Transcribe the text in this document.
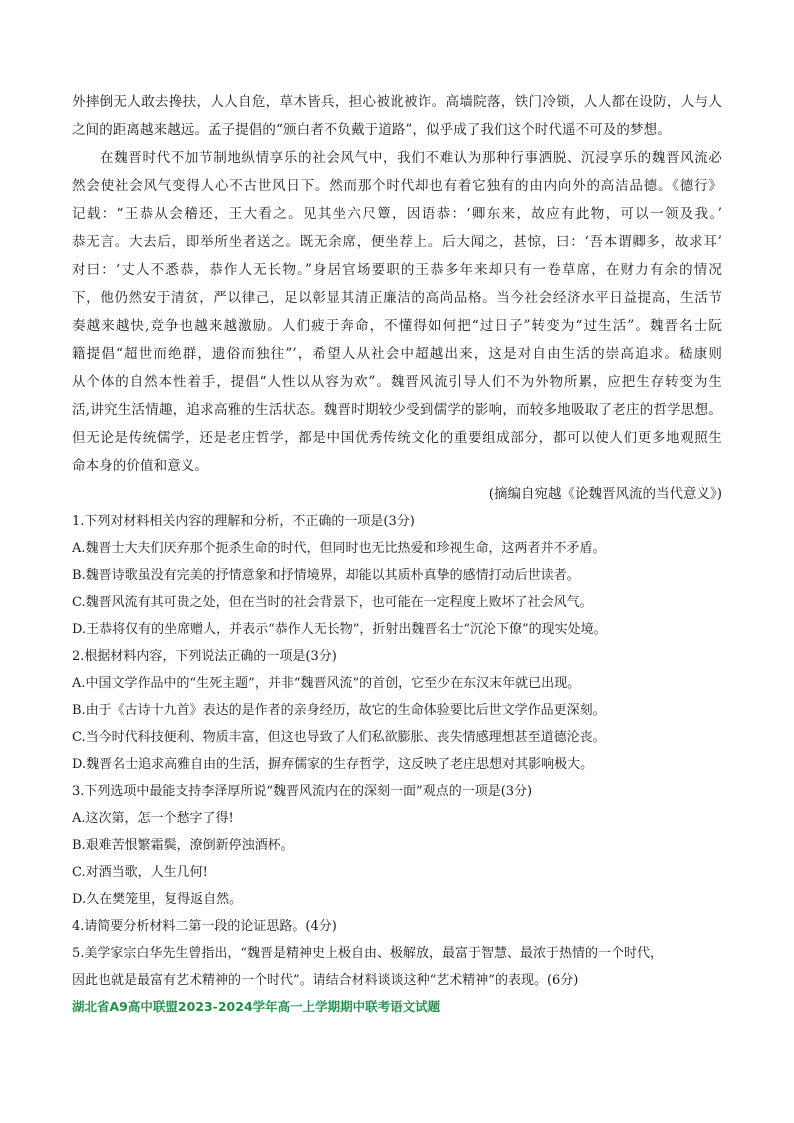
外摔倒无人敢去搀扶，人人自危，草木皆兵，担心被讹被诈。高墙院落，铁门冷锁，人人都在设防，人与人
之间的距离越来越远。孟子提倡的“颁白者不负戴于道路”，似乎成了我们这个时代遥不可及的梦想。
在魏晋时代不加节制地纵情享乐的社会风气中，我们不难认为那种行事洒脱、沉浸享乐的魏晋风流必
然会使社会风气变得人心不古世风日下。然而那个时代却也有着它独有的由内向外的高洁品德。《德行》
记载：“王恭从会稽还，王大看之。见其坐六尺簟，因语恭：‘卿东来，故应有此物，可以一领及我。’
恭无言。大去后，即举所坐者送之。既无余席，便坐荐上。后大闻之，甚惊，曰：‘吾本谓卿多，故求耳’
对曰：‘丈人不悉恭，恭作人无长物。”身居官场要职的王恭多年来却只有一卷草席，在财力有余的情况
下，他仍然安于清贫，严以律己，足以彰显其清正廉洁的高尚品格。当今社会经济水平日益提高，生活节
奏越来越快,竞争也越来越激励。人们疲于奔命，不懂得如何把“过日子”转变为“过生活”。魏晋名士阮
籍提倡“超世而绝群，遗俗而独往”’，希望人从社会中超越出来，这是对自由生活的崇高追求。嵇康则
从个体的自然本性着手，提倡“人性以从容为欢”。魏晋风流引导人们不为外物所累，应把生存转变为生
活,讲究生活情趣，追求高雅的生活状态。魏晋时期较少受到儒学的影响，而较多地吸取了老庄的哲学思想。
但无论是传统儒学，还是老庄哲学，都是中国优秀传统文化的重要组成部分，都可以使人们更多地观照生
命本身的价值和意义。
(摘编自宛越《论魏晋风流的当代意义》)
1.下列对材料相关内容的理解和分析，不正确的一项是(3分)
A.魏晋士大夫们厌弃那个扼杀生命的时代，但同时也无比热爱和珍视生命，这两者并不矛盾。
B.魏晋诗歌虽没有完美的抒情意象和抒情境界，却能以其质朴真挚的感情打动后世读者。
C.魏晋风流有其可贵之处，但在当时的社会背景下，也可能在一定程度上败坏了社会风气。
D.王恭将仅有的坐席赠人，并表示“恭作人无长物”，折射出魏晋名士“沉沦下僚”的现实处境。
2.根据材料内容，下列说法正确的一项是(3分)
A.中国文学作品中的“生死主题”，并非“魏晋风流”的首创，它至少在东汉末年就已出现。
B.由于《古诗十九首》表达的是作者的亲身经历，故它的生命体验要比后世文学作品更深刻。
C.当今时代科技便利、物质丰富，但这也导致了人们私欲膨胀、丧失情感理想甚至道德沦丧。
D.魏晋名士追求高雅自由的生活，摒弃儒家的生存哲学，这反映了老庄思想对其影响极大。
3.下列选项中最能支持李泽厚所说“魏晋风流内在的深刻一面”观点的一项是(3分)
A.这次第，怎一个愁字了得!
B.艰难苦恨繁霜鬓，潦倒新停浊酒杯。
C.对酒当歌，人生几何!
D.久在樊笼里，复得返自然。
4.请简要分析材料二第一段的论证思路。(4分)
5.美学家宗白华先生曾指出，“魏晋是精神史上极自由、极解放，最富于智慧、最浓于热情的一个时代，
因此也就是最富有艺术精神的一个时代”。请结合材料谈谈这种“艺术精神”的表现。(6分)
湖北省A9高中联盟2023-2024学年高一上学期期中联考语文试题
